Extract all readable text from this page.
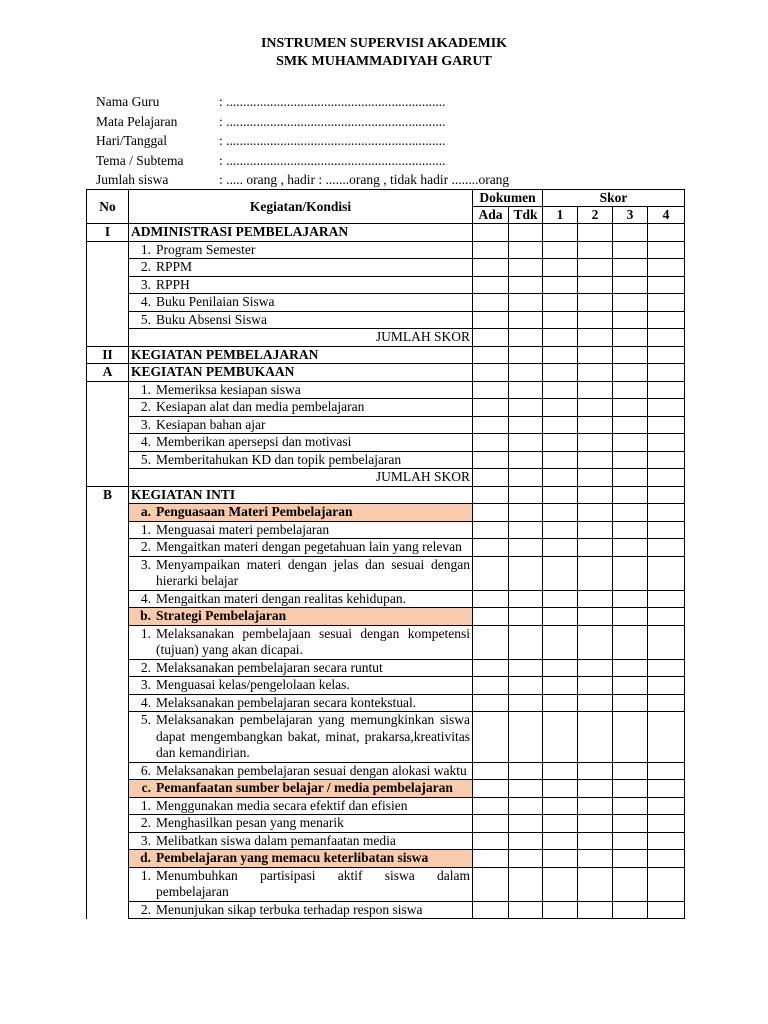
INSTRUMEN SUPERVISI AKADEMIK
SMK MUHAMMADIYAH GARUT
Nama Guru	: .................................................................
Mata Pelajaran	: .................................................................
Hari/Tanggal	: .................................................................
Tema / Subtema	: .................................................................
Jumlah siswa	: ..... orang , hadir : .......orang , tidak hadir ........orang
No	Kegiatan/Kondisi	Dokumen		Skor			
		Ada	Tdk	1	2	3	4
I	ADMINISTRASI PEMBELAJARAN						

	1. Program Semester						

	2. RPPM						

	3. RPPH						

	4. Buku Penilaian Siswa						

	5. Buku Absensi Siswa						

	JUMLAH SKOR						
II	KEGIATAN PEMBELAJARAN						
A	KEGIATAN PEMBUKAAN						

	1. Memeriksa kesiapan siswa						

	2. Kesiapan alat dan media pembelajaran						

	3. Kesiapan bahan ajar						

	4. Memberikan apersepsi dan motivasi						

	5. Memberitahukan KD dan topik pembelajaran						

	JUMLAH SKOR						
B	KEGIATAN INTI						

	a. Penguasaan Materi Pembelajaran						

	1. Menguasai materi pembelajaran						

	2. Mengaitkan materi dengan pegetahuan lain yang relevan						

	3. Menyampaikan materi dengan jelas dan sesuai dengan hierarki belajar						

	4. Mengaitkan materi dengan realitas kehidupan.						

	b. Strategi Pembelajaran						

	1. Melaksanakan pembelajaan sesuai dengan kompetensi (tujuan) yang akan dicapai.						

	2. Melaksanakan pembelajaran secara runtut						

	3. Menguasai kelas/pengelolaan kelas.						

	4. Melaksanakan pembelajaran secara kontekstual.						

	5. Melaksanakan pembelajaran yang memungkinkan siswa dapat mengembangkan bakat, minat, prakarsa,kreativitas dan kemandirian.						

	6. Melaksanakan pembelajaran sesuai dengan alokasi waktu						

	c. Pemanfaatan sumber belajar / media pembelajaran						

	1. Menggunakan media secara efektif dan efisien						

	2. Menghasilkan pesan yang menarik						

	3. Melibatkan siswa dalam pemanfaatan media						

	d. Pembelajaran yang memacu keterlibatan siswa						

	1. Menumbuhkan partisipasi aktif siswa dalam pembelajaran						

	2. Menunjukan sikap terbuka terhadap respon siswa						
